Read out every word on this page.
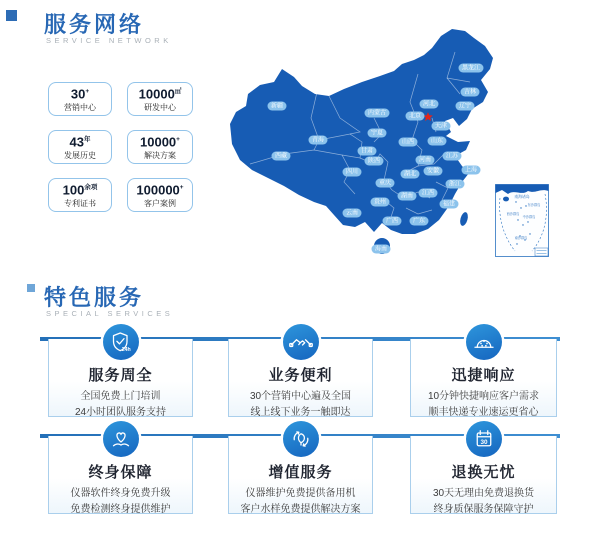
服务网络
SERVICE NETWORK
30+
营销中心
10000㎡
研发中心
$43^年$
发展历史
10000+
解决方案
$100^{余项}$
专利证书
100000+
客户案例
南海诸岛
东沙群岛
西沙群岛
中沙群岛
南沙群岛
黑龙江
吉林
辽宁
内蒙古
新疆
甘肃
青海
西藏
宁夏
陕西
山西
河北
北京
天津
山东
河南
江苏
安徽	上海
浙江
江西
福建
湖北
湖南
四川
重庆
贵州
云南
广西	广东
海南
特色服务
SPECIAL SERVICES
24h
服务周全

全国免费上门培训

24小时团队服务支持

业务便利

30个营销中心遍及全国

线上线下业务一触即达

迅捷响应

10分钟快捷响应客户需求

顺丰快递专业速运更省心

终身保障

仪器软件终身免费升级

免费检测终身提供维护

增值服务

仪器维护免费提供备用机

客户水样免费提供解决方案

30
退换无忧

30天无理由免费退换货

终身质保服务保障守护
